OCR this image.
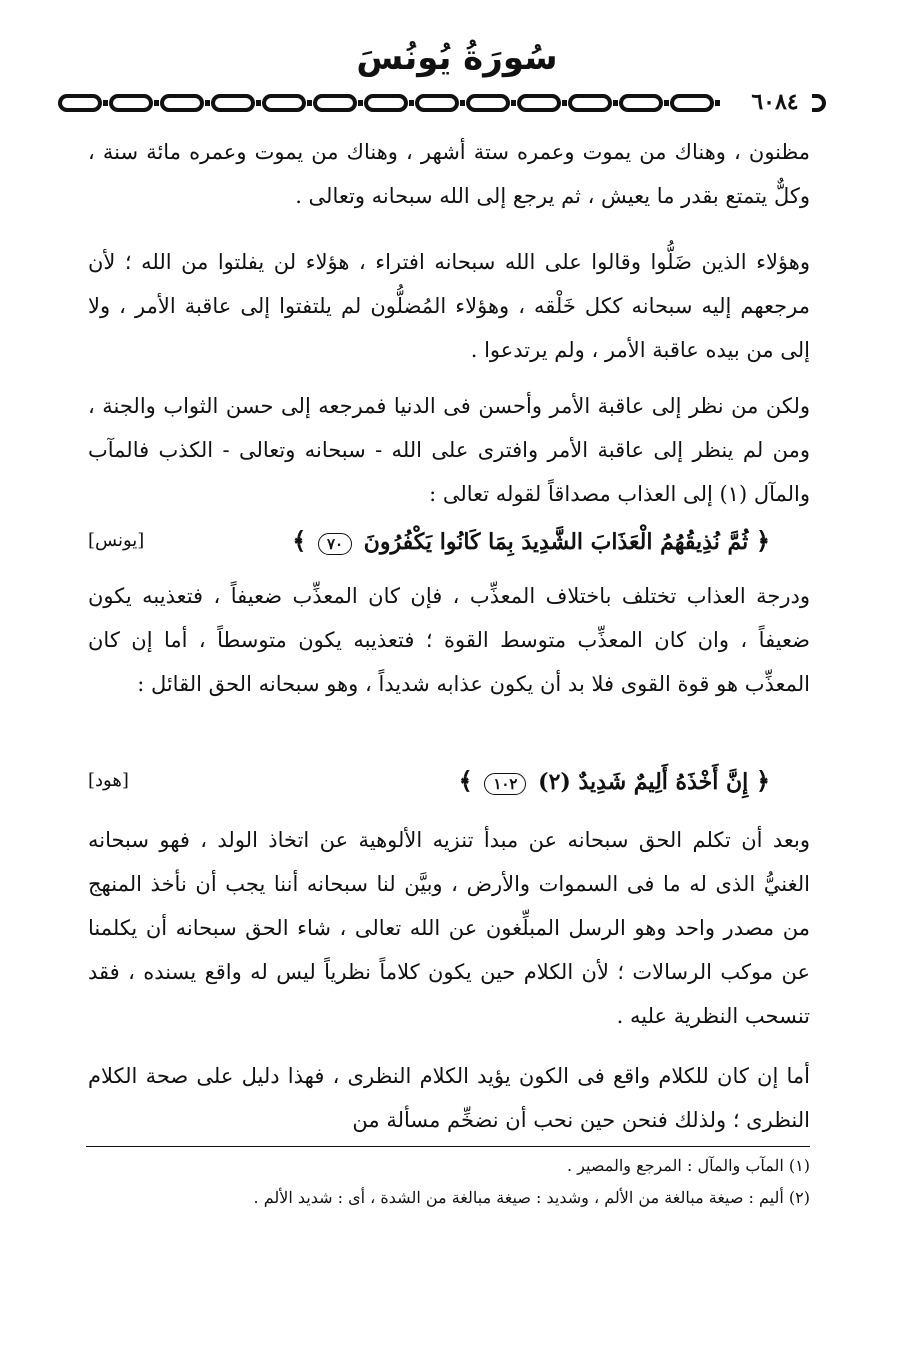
سُورَةُ يُونُسَ
٦٠٨٤

مظنون ، وهناك من يموت وعمره ستة أشهر ، وهناك من يموت وعمره مائة سنة ، وكلٌّ يتمتع بقدر ما يعيش ، ثم يرجع إلى الله سبحانه وتعالى .

وهؤلاء الذين ضَلُّوا وقالوا على الله سبحانه افتراء ، هؤلاء لن يفلتوا من الله ؛ لأن مرجعهم إليه سبحانه ككل خَلْقه ، وهؤلاء المُضلُّون لم يلتفتوا إلى عاقبة الأمر ، ولا إلى من بيده عاقبة الأمر ، ولم يرتدعوا .

ولكن من نظر إلى عاقبة الأمر وأحسن فى الدنيا فمرجعه إلى حسن الثواب والجنة ، ومن لم ينظر إلى عاقبة الأمر وافترى على الله - سبحانه وتعالى - الكذب فالمآب والمآل (١) إلى العذاب مصداقاً لقوله تعالى :

﴿ ثُمَّ نُذِيقُهُمُ الْعَذَابَ الشَّدِيدَ بِمَا كَانُوا يَكْفُرُونَ ٧٠ ﴾
[يونس]

ودرجة العذاب تختلف باختلاف المعذِّب ، فإن كان المعذِّب ضعيفاً ، فتعذيبه يكون ضعيفاً ، وان كان المعذِّب متوسط القوة ؛ فتعذيبه يكون متوسطاً ، أما إن كان المعذِّب هو قوة القوى فلا بد أن يكون عذابه شديداً ، وهو سبحانه الحق القائل :

﴿ إِنَّ أَخْذَهُ أَلِيمٌ شَدِيدٌ (٢) ١٠٢ ﴾
[هود]

وبعد أن تكلم الحق سبحانه عن مبدأ تنزيه الألوهية عن اتخاذ الولد ، فهو سبحانه الغنيُّ الذى له ما فى السموات والأرض ، وبيَّن لنا سبحانه أننا يجب أن نأخذ المنهج من مصدر واحد وهو الرسل المبلِّغون عن الله تعالى ، شاء الحق سبحانه أن يكلمنا عن موكب الرسالات ؛ لأن الكلام حين يكون كلاماً نظرياً ليس له واقع يسنده ، فقد تنسحب النظرية عليه .

أما إن كان للكلام واقع فى الكون يؤيد الكلام النظرى ، فهذا دليل على صحة الكلام النظرى ؛ ولذلك فنحن حين نحب أن نضخِّم مسألة من

(١) المآب والمآل : المرجع والمصير .

(٢) أليم : صيغة مبالغة من الألم ، وشديد : صيغة مبالغة من الشدة ، أى : شديد الألم .
